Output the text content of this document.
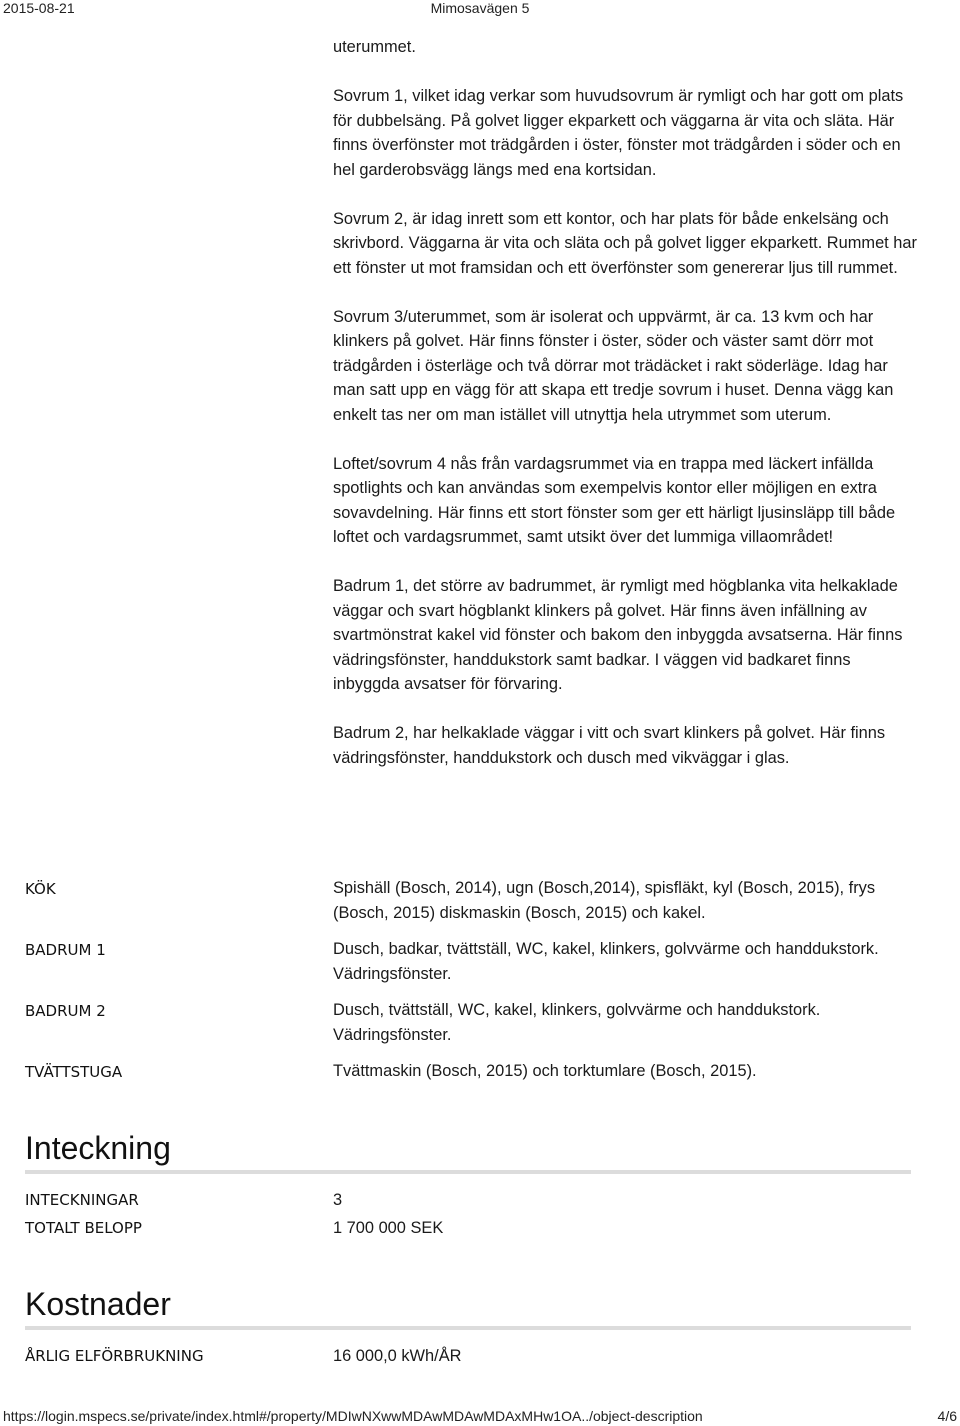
2015-08-21	Mimosavägen 5

uterummet.

Sovrum 1, vilket idag verkar som huvudsovrum är rymligt och har gott om plats för dubbelsäng. På golvet ligger ekparkett och väggarna är vita och släta. Här finns överfönster mot trädgården i öster, fönster mot trädgården i söder och en hel garderobsvägg längs med ena kortsidan.

Sovrum 2, är idag inrett som ett kontor, och har plats för både enkelsäng och skrivbord. Väggarna är vita och släta och på golvet ligger ekparkett. Rummet har ett fönster ut mot framsidan och ett överfönster som genererar ljus till rummet.

Sovrum 3/uterummet, som är isolerat och uppvärmt, är ca. 13 kvm och har klinkers på golvet. Här finns fönster i öster, söder och väster samt dörr mot trädgården i österläge och två dörrar mot trädäcket i rakt söderläge. Idag har man satt upp en vägg för att skapa ett tredje sovrum i huset. Denna vägg kan enkelt tas ner om man istället vill utnyttja hela utrymmet som uterum.

Loftet/sovrum 4 nås från vardagsrummet via en trappa med läckert infällda spotlights och kan användas som exempelvis kontor eller möjligen en extra sovavdelning. Här finns ett stort fönster som ger ett härligt ljusinsläpp till både loftet och vardagsrummet, samt utsikt över det lummiga villaområdet!

Badrum 1, det större av badrummet, är rymligt med högblanka vita helkaklade väggar och svart högblankt klinkers på golvet. Här finns även infällning av svartmönstrat kakel vid fönster och bakom den inbyggda avsatserna. Här finns vädringsfönster, handdukstork samt badkar. I väggen vid badkaret finns inbyggda avsatser för förvaring.

Badrum 2, har helkaklade väggar i vitt och svart klinkers på golvet. Här finns vädringsfönster, handdukstork och dusch med vikväggar i glas.

KÖK	Spishäll (Bosch, 2014), ugn (Bosch,2014), spisfläkt, kyl (Bosch, 2015), frys (Bosch, 2015) diskmaskin (Bosch, 2015) och kakel.
BADRUM 1	Dusch, badkar, tvättställ, WC, kakel, klinkers, golvvärme och handdukstork. Vädringsfönster.
BADRUM 2	Dusch, tvättställ, WC, kakel, klinkers, golvvärme och handdukstork. Vädringsfönster.
TVÄTTSTUGA	Tvättmaskin (Bosch, 2015) och torktumlare (Bosch, 2015).
Inteckning
INTECKNINGAR	3
TOTALT BELOPP	1 700 000 SEK
Kostnader
ÅRLIG ELFÖRBRUKNING	16 000,0 kWh/ÅR
https://login.mspecs.se/private/index.html#/property/MDIwNXwwMDAwMDAwMDAxMHw1OA../object-description	4/6
